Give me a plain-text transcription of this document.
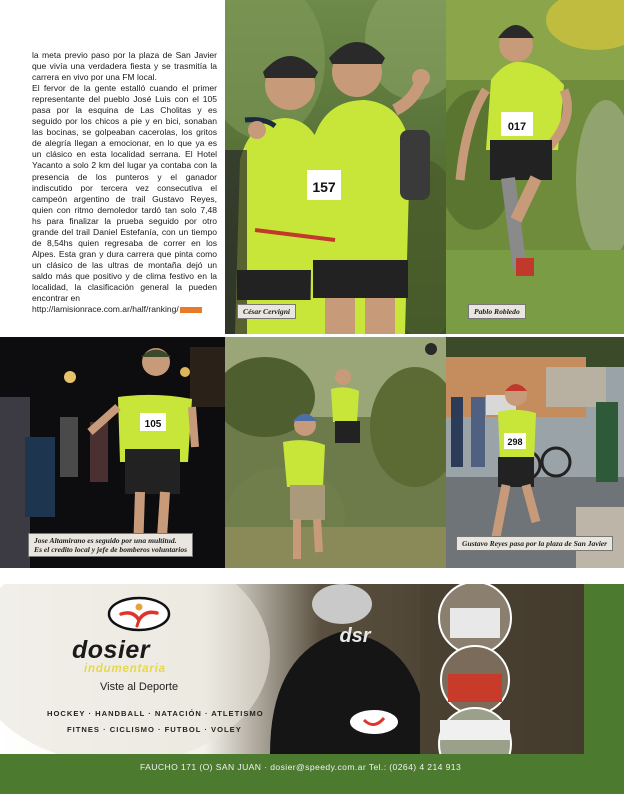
la meta previo paso por la plaza de San Javier que vivía una verdadera fiesta y se trasmitía la carrera en vivo por una FM local.

El fervor de la gente estalló cuando el primer representante del pueblo José Luis con el 105 pasa por la esquina de Las Cholitas y es seguido por los chicos a pie y en bici, sonaban las bocinas, se golpeaban cacerolas, los gritos de alegría llegan a emocionar, en lo que ya es un clásico en esta localidad serrana. El Hotel Yacanto a solo 2 km del lugar ya contaba con la presencia de los punteros y el ganador indiscutido por tercera vez consecutiva el campeón argentino de trail Gustavo Reyes, quien con ritmo demoledor tardó tan solo 7,48 hs para finalizar la prueba seguido por otro grande del trail Daniel Estefanía, con un tiempo de 8,54hs quien regresaba de correr en los Alpes. Esta gran y dura carrera que pinta como un clásico de las ultras de montaña dejó un saldo más que positivo y de clima festivo en la localidad, la clasificación general la pueden encontrar en

http://lamisionrace.com.ar/half/ranking/

157
César Cervigni
017
Pablo Robledo
105
Jose Altamirano es seguido por una multitud.
Es el credito local y jefe de bomberos voluntarios
298
Gustavo Reyes pasa por la plaza de San Javier
dsr
dosier
indumentaria
Viste al Deporte
HOCKEY · HANDBALL · NATACIÓN · ATLETISMO
FITNES · CICLISMO · FUTBOL · VOLEY
FAUCHO 171 (O) SAN JUAN · dosier@speedy.com.ar Tel.: (0264) 4 214 913
